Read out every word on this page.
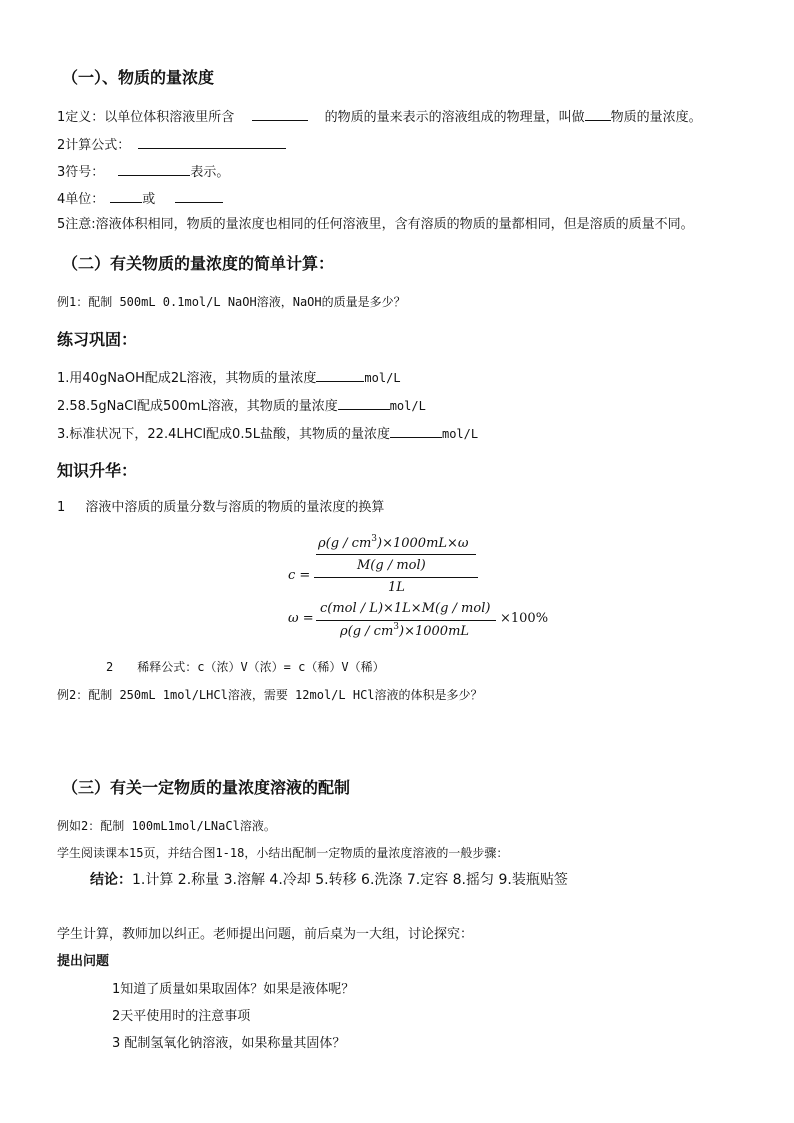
（一）、物质的量浓度
1定义：以单位体积溶液里所含	的物质的量来表示的溶液组成的物理量，叫做 物质的量浓度。
2计算公式：
3符号：	表示。
4单位：	或
5注意:溶液体积相同，物质的量浓度也相同的任何溶液里，含有溶质的物质的量都相同，但是溶质的质量不同。
（二）有关物质的量浓度的简单计算：
例1：配制 500mL 0.1mol/L NaOH溶液，NaOH的质量是多少？
练习巩固：
1.用40gNaOH配成2L溶液，其物质的量浓度	mol/L
2.58.5gNaCl配成500mL溶液，其物质的量浓度	mol/L
3.标准状况下，22.4LHCl配成0.5L盐酸，其物质的量浓度	mol/L
知识升华：
1 溶液中溶质的质量分数与溶质的物质的量浓度的换算
$\rho(g / cm^3)\times 1000mL\times\omega$
M(g / mol)
c =
1L
c(mol / L)×1L×M(g / mol)
ω =	×100%
$\rho(g / cm^3)\times 1000mL$
2　　稀释公式：c（浓）V（浓）= c（稀）V（稀）
例2：配制 250mL 1mol/LHCl溶液，需要 12mol/L HCl溶液的体积是多少？
（三）有关一定物质的量浓度溶液的配制
例如2：配制 100mL1mol/LNaCl溶液。
学生阅读课本15页，并结合图1-18，小结出配制一定物质的量浓度溶液的一般步骤：
结论：1.计算 2.称量 3.溶解 4.冷却 5.转移 6.洗涤 7.定容 8.摇匀 9.装瓶贴签
学生计算，教师加以纠正。老师提出问题，前后桌为一大组，讨论探究：
提出问题
1知道了质量如果取固体？如果是液体呢？
2天平使用时的注意事项
3 配制氢氧化钠溶液，如果称量其固体？
